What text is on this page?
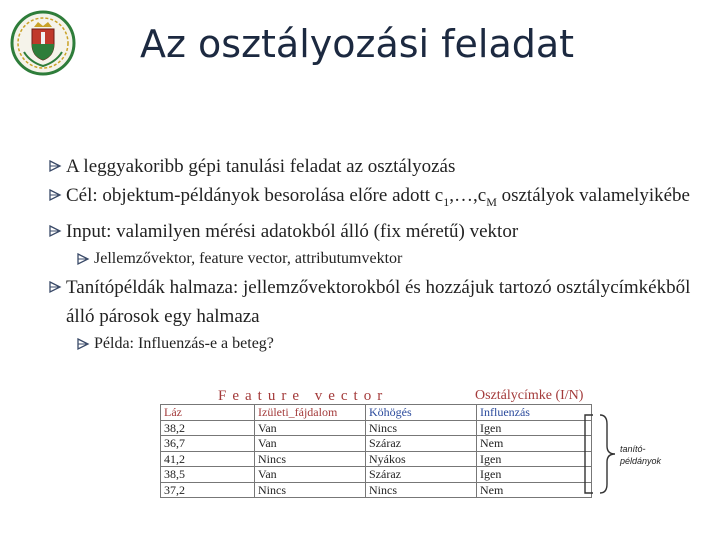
Az osztályozási feladat
A leggyakoribb gépi tanulási feladat az osztályozás
Cél: objektum-példányok besorolása előre adott $c_1,\dots,c_M$ osztályok valamelyikébe
Input: valamilyen mérési adatokból álló (fix méretű) vektor
Jellemzővektor, feature vector, attributumvektor
Tanítópéldák halmaza: jellemzővektorokból és hozzájuk tartozó osztálycímkékből álló párosok egy halmaza
Példa: Influenzás-e a beteg?
Feature vector	Osztálycímke (I/N)
Láz	Izületi_fájdalom	Köhögés	Influenzás
38,2	Van	Nincs	Igen
36,7	Van	Száraz	Nem
41,2	Nincs	Nyákos	Igen
38,5	Van	Száraz	Igen
37,2	Nincs	Nincs	Nem
tanító-
példányok
